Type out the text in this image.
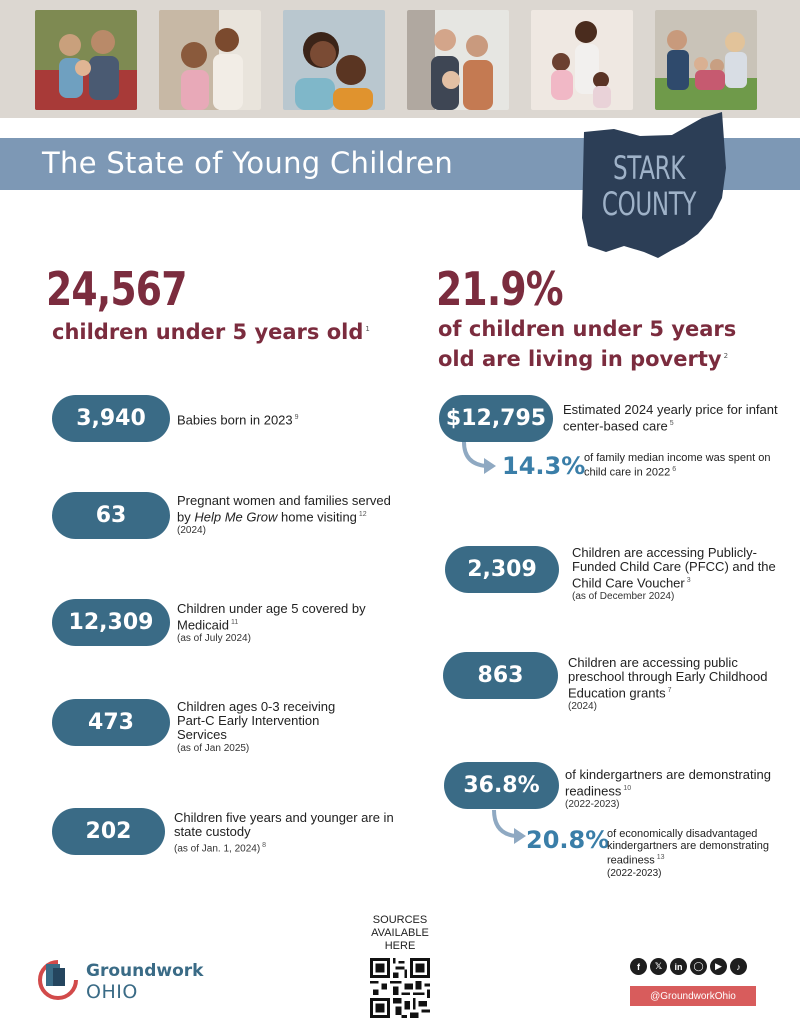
The State of Young Children	STARK
COUNTY
24,567
children under 5 years old $^1$
21.9%
of children under 5 years
old are living in poverty $^2$
3,940	Babies born in 2023 $^9$
63
Pregnant women and families served by Help Me Grow home visiting $^{12}$
(2024)
12,309
Children under age 5 covered by Medicaid $^{11}$
(as of July 2024)
473
Children ages 0-3 receiving Part-C Early Intervention Services
(as of Jan 2025)
202
Children five years and younger are in state custody
(as of Jan. 1, 2024) $^8$
$12,795	Estimated 2024 yearly price for infant center-based care $^5$
14.3%
of family median income was spent on child care in 2022 $^6$
2,309
Children are accessing Publicly-Funded Child Care (PFCC) and the Child Care Voucher $^3$
(as of December 2024)
863
Children are accessing public preschool through Early Childhood Education grants $^7$
(2024)
36.8%	of kindergartners are demonstrating readiness $^{10}$
(2022-2023)
20.8%
of economically disadvantaged kindergartners are demonstrating readiness $^{13}$
(2022-2023)
SOURCES
AVAILABLE
HERE
Groundwork
OHIO
f	𝕏	in	◯	▶	♪
@GroundworkOhio
